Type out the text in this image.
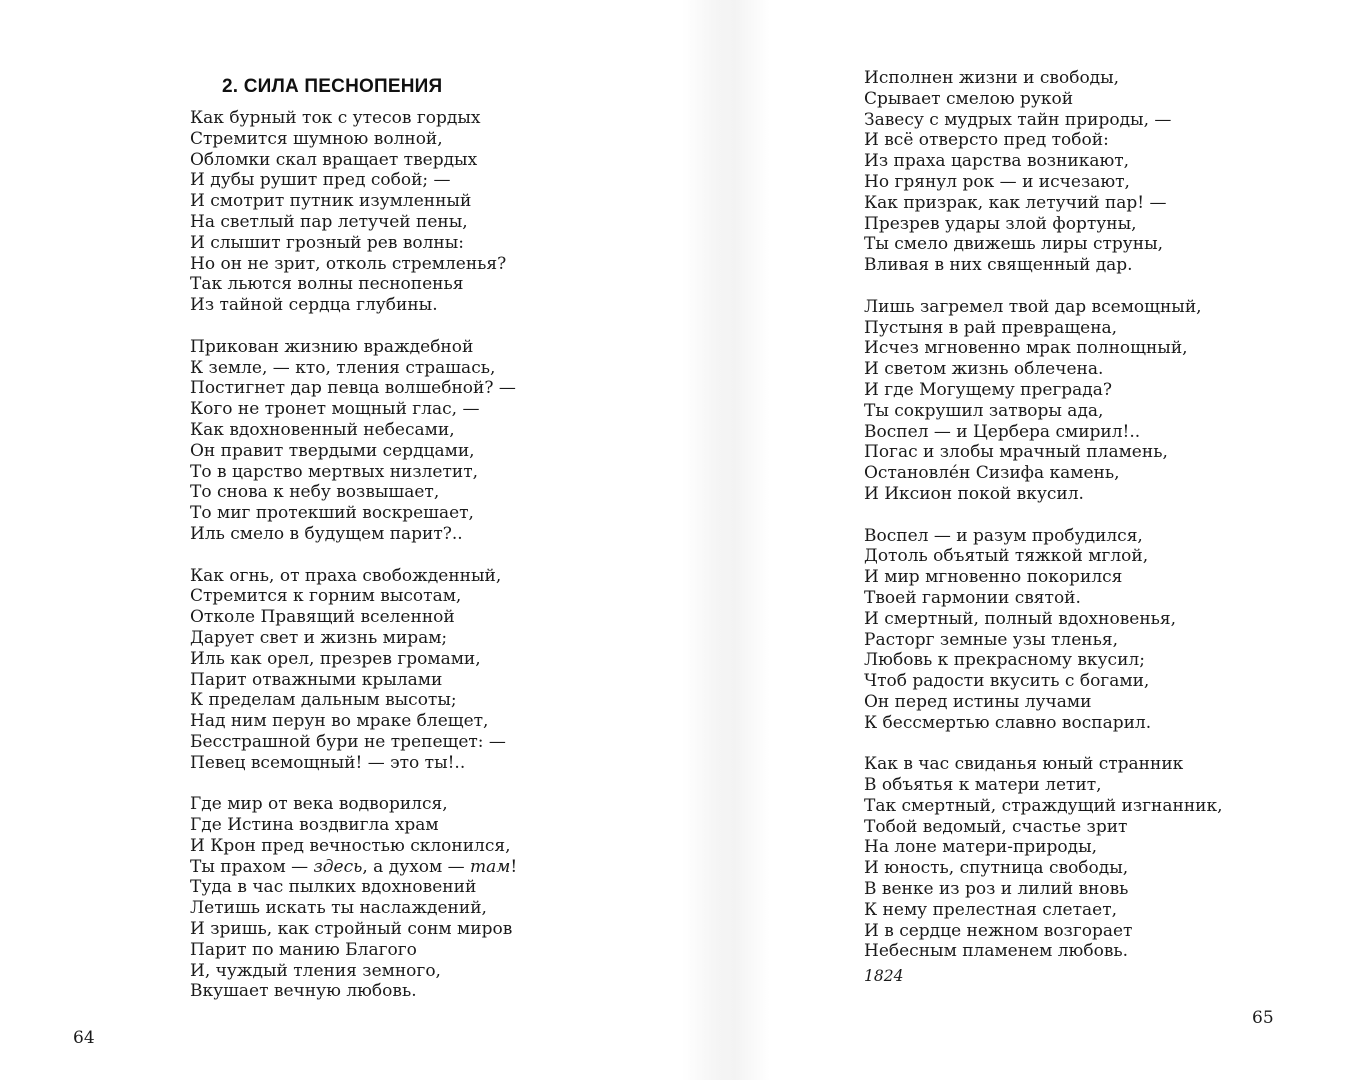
2. СИЛА ПЕСНОПЕНИЯ
Как бурный ток с утесов гордых
Стремится шумною волной,
Обломки скал вращает твердых
И дубы рушит пред собой; —
И смотрит путник изумленный
На светлый пар летучей пены,
И слышит грозный рев волны:
Но он не зрит, отколь стремленья?
Так льются волны песнопенья
Из тайной сердца глубины.
Прикован жизнию враждебной
К земле, — кто, тления страшась,
Постигнет дар певца волшебной? —
Кого не тронет мощный глас, —
Как вдохновенный небесами,
Он правит твердыми сердцами,
То в царство мертвых низлетит,
То снова к небу возвышает,
То миг протекший воскрешает,
Иль смело в будущем парит?..
Как огнь, от праха свобожденный,
Стремится к горним высотам,
Отколе Правящий вселенной
Дарует свет и жизнь мирам;
Иль как орел, презрев громами,
Парит отважными крылами
К пределам дальным высоты;
Над ним перун во мраке блещет,
Бесстрашной бури не трепещет: —
Певец всемощный! — это ты!..
Где мир от века водворился,
Где Истина воздвигла храм
И Крон пред вечностью склонился,
Ты прахом — здесь, а духом — там!
Туда в час пылких вдохновений
Летишь искать ты наслаждений,
И зришь, как стройный сонм миров
Парит по манию Благого
И, чуждый тления земного,
Вкушает вечную любовь.
64
Исполнен жизни и свободы,
Срывает смелою рукой
Завесу с мудрых тайн природы, —
И всё отверсто пред тобой:
Из праха царства возникают,
Но грянул рок — и исчезают,
Как призрак, как летучий пар! —
Презрев удары злой фортуны,
Ты смело движешь лиры струны,
Вливая в них священный дар.
Лишь загремел твой дар всемощный,
Пустыня в рай превращена,
Исчез мгновенно мрак полнощный,
И светом жизнь облечена.
И где Могущему преграда?
Ты сокрушил затворы ада,
Воспел — и Цербера смирил!..
Погас и злобы мрачный пламень,
Остановле́н Сизифа камень,
И Иксион покой вкусил.
Воспел — и разум пробудился,
Дотоль объятый тяжкой мглой,
И мир мгновенно покорился
Твоей гармонии святой.
И смертный, полный вдохновенья,
Расторг земные узы тленья,
Любовь к прекрасному вкусил;
Чтоб радости вкусить с богами,
Он перед истины лучами
К бессмертью славно воспарил.
Как в час свиданья юный странник
В объятья к матери летит,
Так смертный, страждущий изгнанник,
Тобой ведомый, счастье зрит
На лоне матери-природы,
И юность, спутница свободы,
В венке из роз и лилий вновь
К нему прелестная слетает,
И в сердце нежном возгорает
Небесным пламенем любовь.
1824
65
